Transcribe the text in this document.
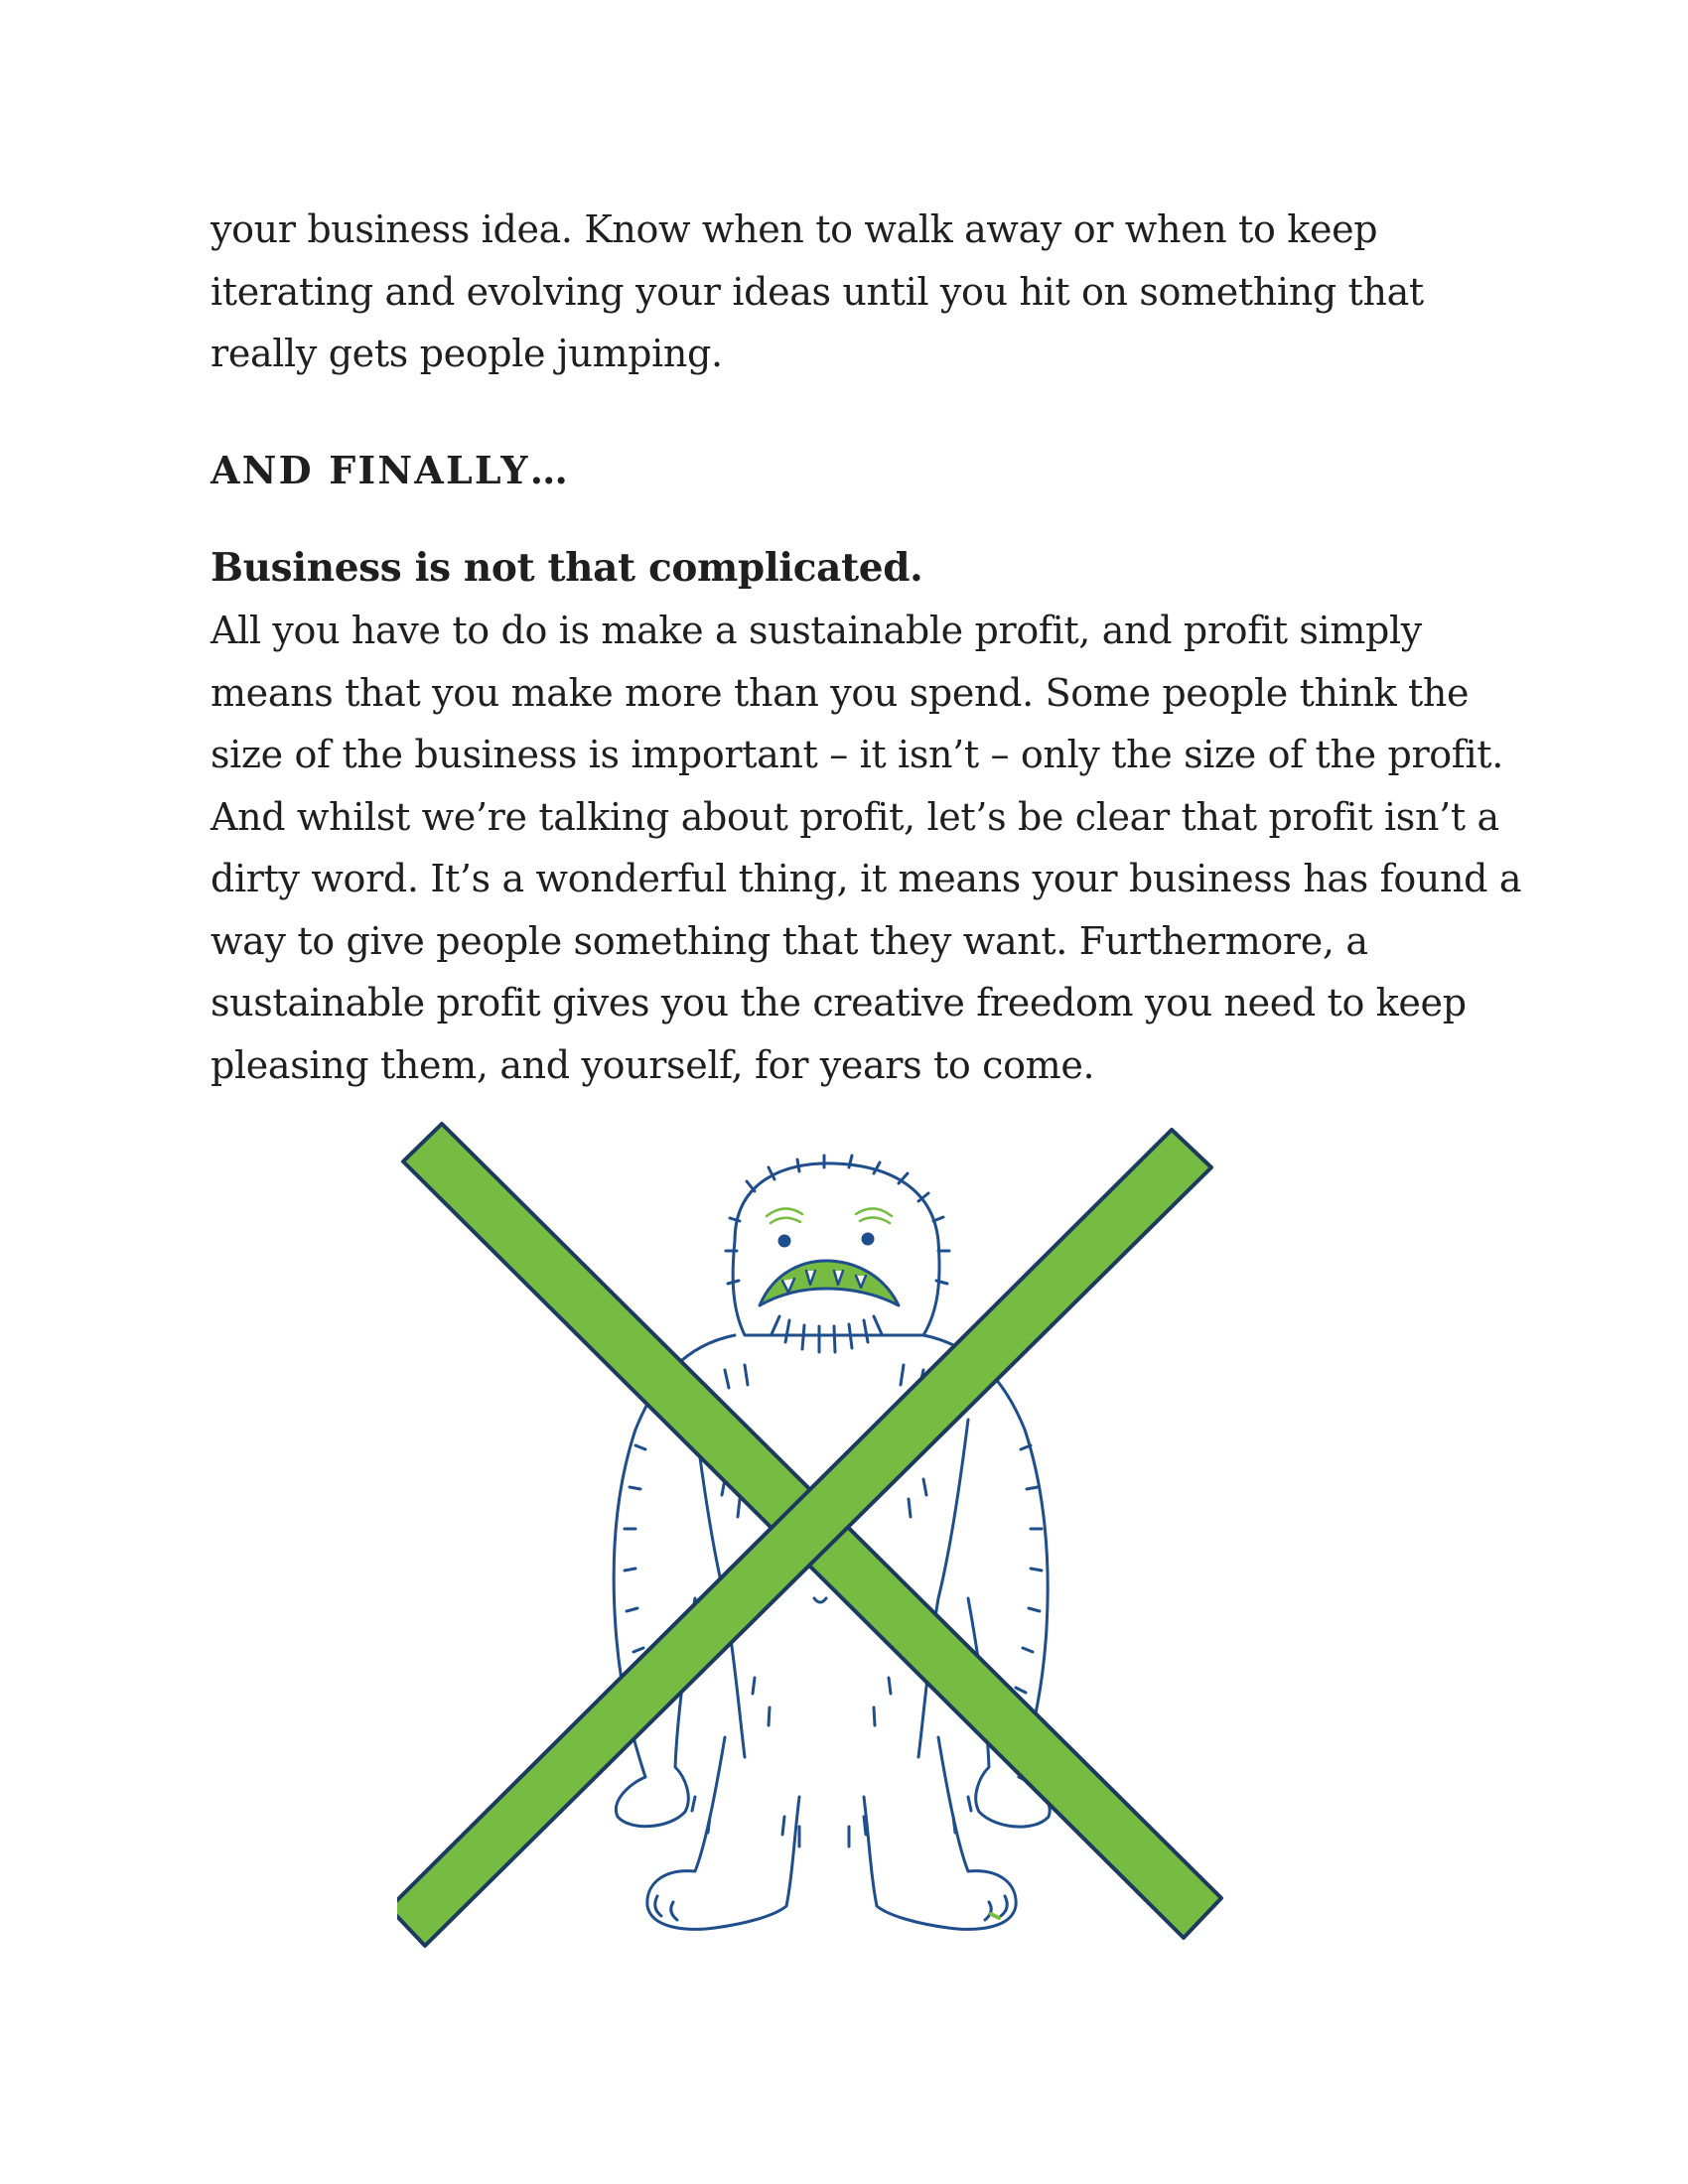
your business idea. Know when to walk away or when to keep
iterating and evolving your ideas until you hit on something that
really gets people jumping.

AND FINALLY…

Business is not that complicated.

All you have to do is make a sustainable profit, and profit simply
means that you make more than you spend. Some people think the
size of the business is important – it isn’t – only the size of the profit.
And whilst we’re talking about profit, let’s be clear that profit isn’t a
dirty word. It’s a wonderful thing, it means your business has found a
way to give people something that they want. Furthermore, a
sustainable profit gives you the creative freedom you need to keep
pleasing them, and yourself, for years to come.
